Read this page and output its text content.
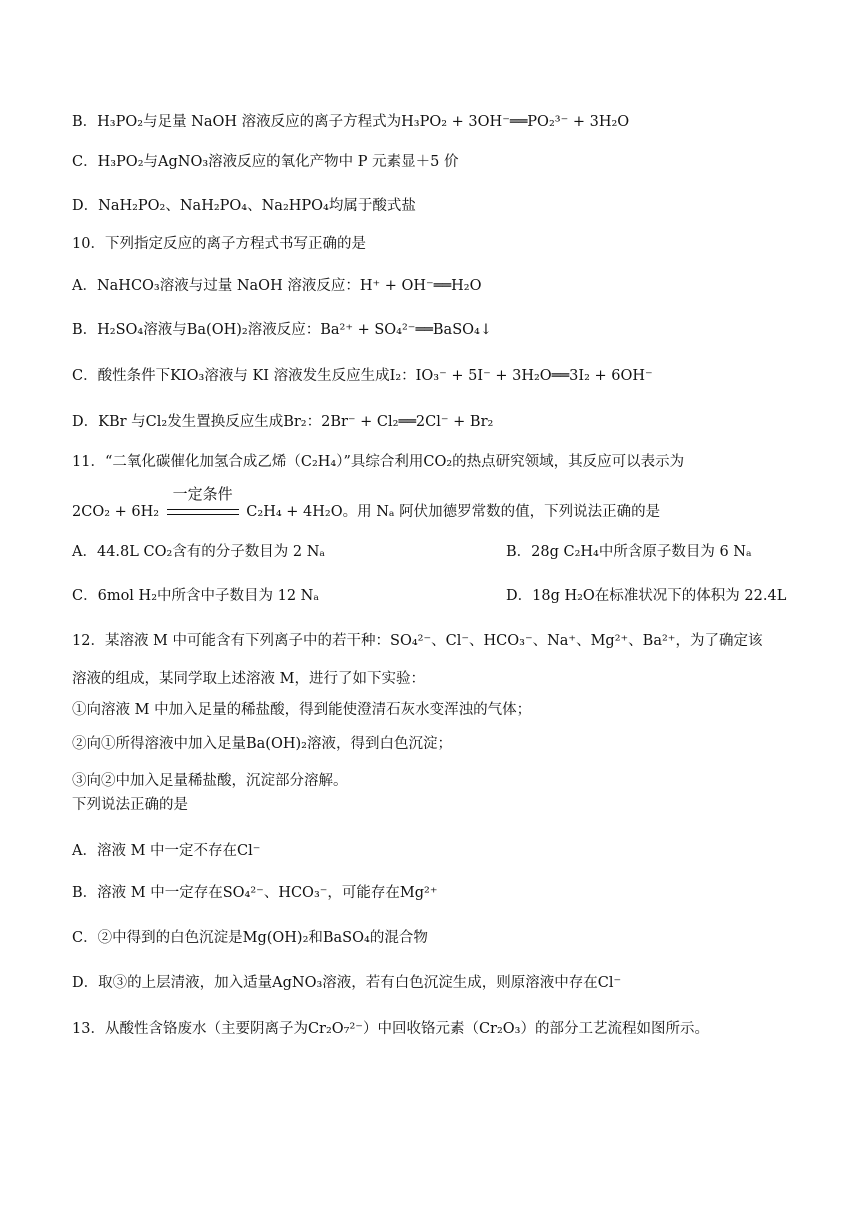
B．H₃PO₂与足量 NaOH 溶液反应的离子方程式为H₃PO₂ + 3OH⁻══PO₂³⁻ + 3H₂O
C．H₃PO₂与AgNO₃溶液反应的氧化产物中 P 元素显＋5 价
D．NaH₂PO₂、NaH₂PO₄、Na₂HPO₄均属于酸式盐
10．下列指定反应的离子方程式书写正确的是
A．NaHCO₃溶液与过量 NaOH 溶液反应：H⁺ + OH⁻══H₂O
B．H₂SO₄溶液与Ba(OH)₂溶液反应：Ba²⁺ + SO₄²⁻══BaSO₄↓
C．酸性条件下KIO₃溶液与 KI 溶液发生反应生成I₂：IO₃⁻ + 5I⁻ + 3H₂O══3I₂ + 6OH⁻
D．KBr 与Cl₂发生置换反应生成Br₂：2Br⁻ + Cl₂══2Cl⁻ + Br₂
11．“二氧化碳催化加氢合成乙烯（C₂H₄）”具综合利用CO₂的热点研究领域，其反应可以表示为
2CO₂ + 6H₂
一定条件
C₂H₄ + 4H₂O。用 Nₐ 阿伏加德罗常数的值，下列说法正确的是
A．44.8L CO₂含有的分子数目为 2 Nₐ	B．28g C₂H₄中所含原子数目为 6 Nₐ
C．6mol H₂中所含中子数目为 12 Nₐ	D．18g H₂O在标准状况下的体积为 22.4L
12．某溶液 M 中可能含有下列离子中的若干种：SO₄²⁻、Cl⁻、HCO₃⁻、Na⁺、Mg²⁺、Ba²⁺，为了确定该
溶液的组成，某同学取上述溶液 M，进行了如下实验：
①向溶液 M 中加入足量的稀盐酸，得到能使澄清石灰水变浑浊的气体；
②向①所得溶液中加入足量Ba(OH)₂溶液，得到白色沉淀；
③向②中加入足量稀盐酸，沉淀部分溶解。
下列说法正确的是
A．溶液 M 中一定不存在Cl⁻
B．溶液 M 中一定存在SO₄²⁻、HCO₃⁻，可能存在Mg²⁺
C．②中得到的白色沉淀是Mg(OH)₂和BaSO₄的混合物
D．取③的上层清液，加入适量AgNO₃溶液，若有白色沉淀生成，则原溶液中存在Cl⁻
13．从酸性含铬废水（主要阴离子为Cr₂O₇²⁻）中回收铬元素（Cr₂O₃）的部分工艺流程如图所示。
